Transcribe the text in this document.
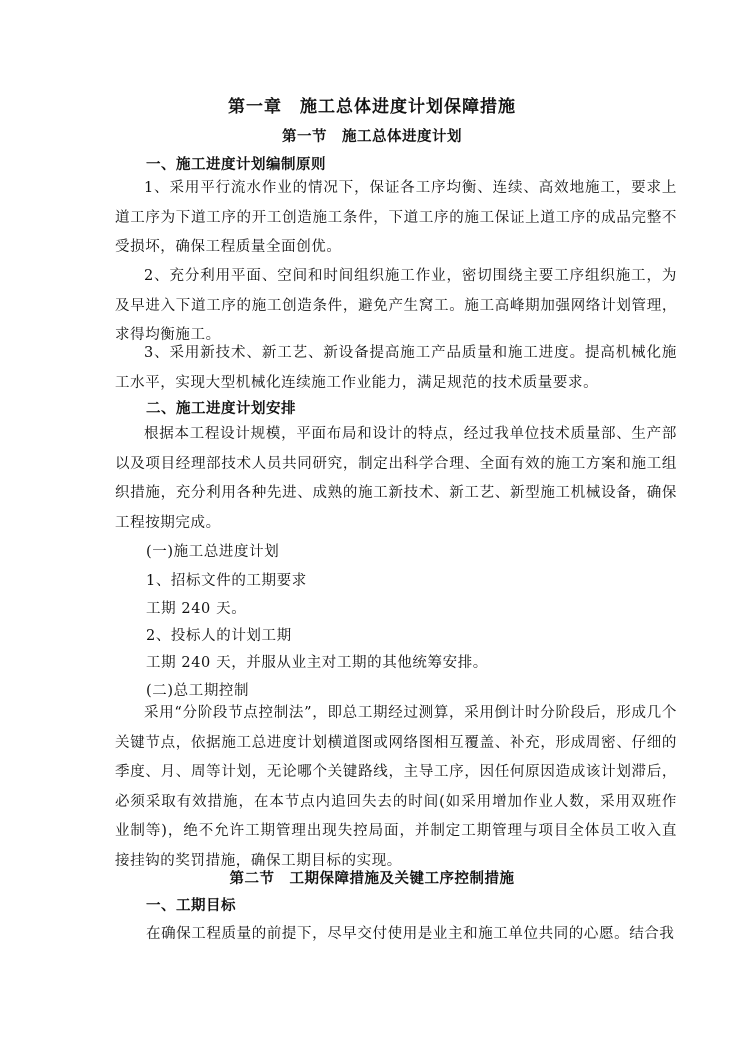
第一章　施工总体进度计划保障措施
第一节　施工总体进度计划
一、施工进度计划编制原则

1、采用平行流水作业的情况下，保证各工序均衡、连续、高效地施工，要求上道工序为下道工序的开工创造施工条件，下道工序的施工保证上道工序的成品完整不受损坏，确保工程质量全面创优。

2、充分利用平面、空间和时间组织施工作业，密切围绕主要工序组织施工，为及早进入下道工序的施工创造条件，避免产生窝工。施工高峰期加强网络计划管理，求得均衡施工。

3、采用新技术、新工艺、新设备提高施工产品质量和施工进度。提高机械化施工水平，实现大型机械化连续施工作业能力，满足规范的技术质量要求。

二、施工进度计划安排

根据本工程设计规模，平面布局和设计的特点，经过我单位技术质量部、生产部以及项目经理部技术人员共同研究，制定出科学合理、全面有效的施工方案和施工组织措施，充分利用各种先进、成熟的施工新技术、新工艺、新型施工机械设备，确保工程按期完成。

(一)施工总进度计划
1、招标文件的工期要求
工期 240 天。
2、投标人的计划工期
工期 240 天，并服从业主对工期的其他统筹安排。
(二)总工期控制

采用“分阶段节点控制法”，即总工期经过测算，采用倒计时分阶段后，形成几个关键节点，依据施工总进度计划横道图或网络图相互覆盖、补充，形成周密、仔细的季度、月、周等计划，无论哪个关键路线，主导工序，因任何原因造成该计划滞后，必须采取有效措施，在本节点内追回失去的时间(如采用增加作业人数，采用双班作业制等)，绝不允许工期管理出现失控局面，并制定工期管理与项目全体员工收入直接挂钩的奖罚措施，确保工期目标的实现。

第二节　工期保障措施及关键工序控制措施
一、工期目标
在确保工程质量的前提下，尽早交付使用是业主和施工单位共同的心愿。结合我
